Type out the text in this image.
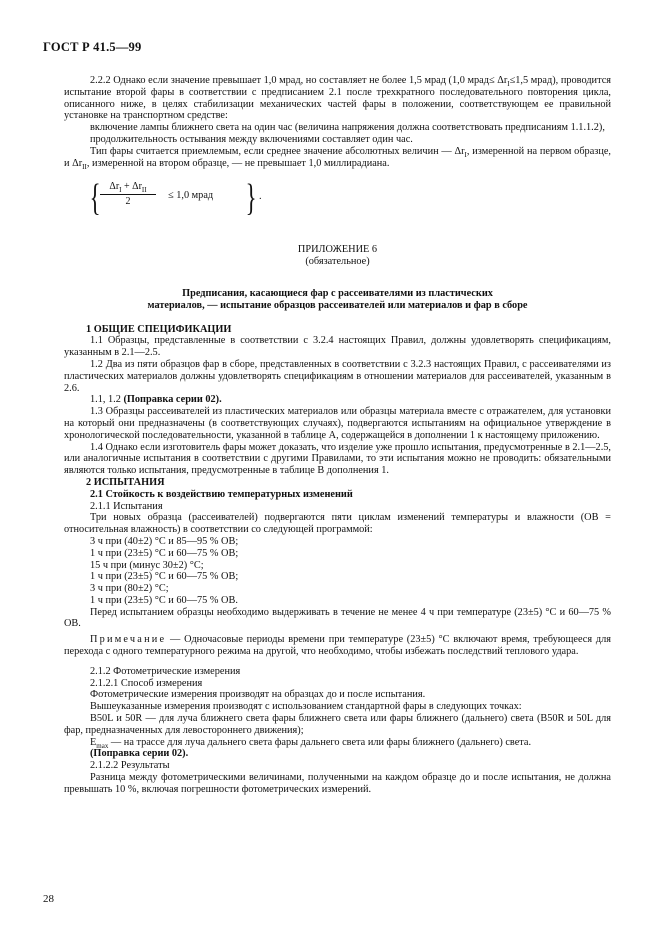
ГОСТ Р 41.5—99

2.2.2 Однако если значение превышает 1,0 мрад, но составляет не более 1,5 мрад (1,0 мрад≤ $\Delta r_I\le 1,5$ мрад), проводится испытание второй фары в соответствии с предписанием 2.1 после трехкратного последовательного повторения цикла, описанного ниже, в целях стабилизации механических частей фары в положении, соответствующем ее правильной установке на транспортном средстве:

включение лампы ближнего света на один час (величина напряжения должна соответствовать предписаниям 1.1.1.2),

продолжительность остывания между включениями составляет один час.

Тип фары считается приемлемым, если среднее значение абсолютных величин — $\Delta r_I$, измеренной на первом образце, и $\Delta r_{II}$, измеренной на втором образце, — не превышает 1,0 миллирадиана.

{ $\Delta r_I + \Delta r_{II}$
2
≤ 1,0 мрад } .

ПРИЛОЖЕНИЕ 6

(обязательное)

Предписания, касающиеся фар с рассеивателями из пластических

материалов, — испытание образцов рассеивателей или материалов и фар в сборе

1 ОБЩИЕ СПЕЦИФИКАЦИИ

1.1 Образцы, представленные в соответствии с 3.2.4 настоящих Правил, должны удовлетворять спецификациям, указанным в 2.1—2.5.

1.2 Два из пяти образцов фар в сборе, представленных в соответствии с 3.2.3 настоящих Правил, с рассеивателями из пластических материалов должны удовлетворять спецификациям в отношении материалов для рассеивателей, указанным в 2.6.

1.1, 1.2 (Поправка серии 02).

1.3 Образцы рассеивателей из пластических материалов или образцы материала вместе с отражателем, для установки на который они предназначены (в соответствующих случаях), подвергаются испытаниям на официальное утверждение в хронологической последовательности, указанной в таблице А, содержащейся в дополнении 1 к настоящему приложению.

1.4 Однако если изготовитель фары может доказать, что изделие уже прошло испытания, предусмотренные в 2.1—2.5, или аналогичные испытания в соответствии с другими Правилами, то эти испытания можно не проводить: обязательными являются только испытания, предусмотренные в таблице В дополнения 1.

2 ИСПЫТАНИЯ

2.1 Стойкость к воздействию температурных изменений

2.1.1 Испытания

Три новых образца (рассеивателей) подвергаются пяти циклам изменений температуры и влажности (ОВ = относительная влажность) в соответствии со следующей программой:

3 ч при (40±2) °С и 85—95 % ОВ;

1 ч при (23±5) °С и 60—75 % ОВ;

15 ч при (минус 30±2) °С;

1 ч при (23±5) °С и 60—75 % ОВ;

3 ч при (80±2) °С;

1 ч при (23±5) °С и 60—75 % ОВ.

Перед испытанием образцы необходимо выдерживать в течение не менее 4 ч при температуре (23±5) °С и 60—75 % ОВ.

Примечание — Одночасовые периоды времени при температуре (23±5) °С включают время, требующееся для перехода с одного температурного режима на другой, что необходимо, чтобы избежать последствий теплового удара.

2.1.2 Фотометрические измерения

2.1.2.1 Способ измерения

Фотометрические измерения производят на образцах до и после испытания.

Вышеуказанные измерения производят с использованием стандартной фары в следующих точках:

B50L и 50R — для луча ближнего света фары ближнего света или фары ближнего (дальнего) света (B50R и 50L для фар, предназначенных для левостороннего движения);

$E_{max}$ — на трассе для луча дальнего света фары дальнего света или фары ближнего (дальнего) света.

(Поправка серии 02).

2.1.2.2 Результаты

Разница между фотометрическими величинами, полученными на каждом образце до и после испытания, не должна превышать 10 %, включая погрешности фотометрических измерений.

28
